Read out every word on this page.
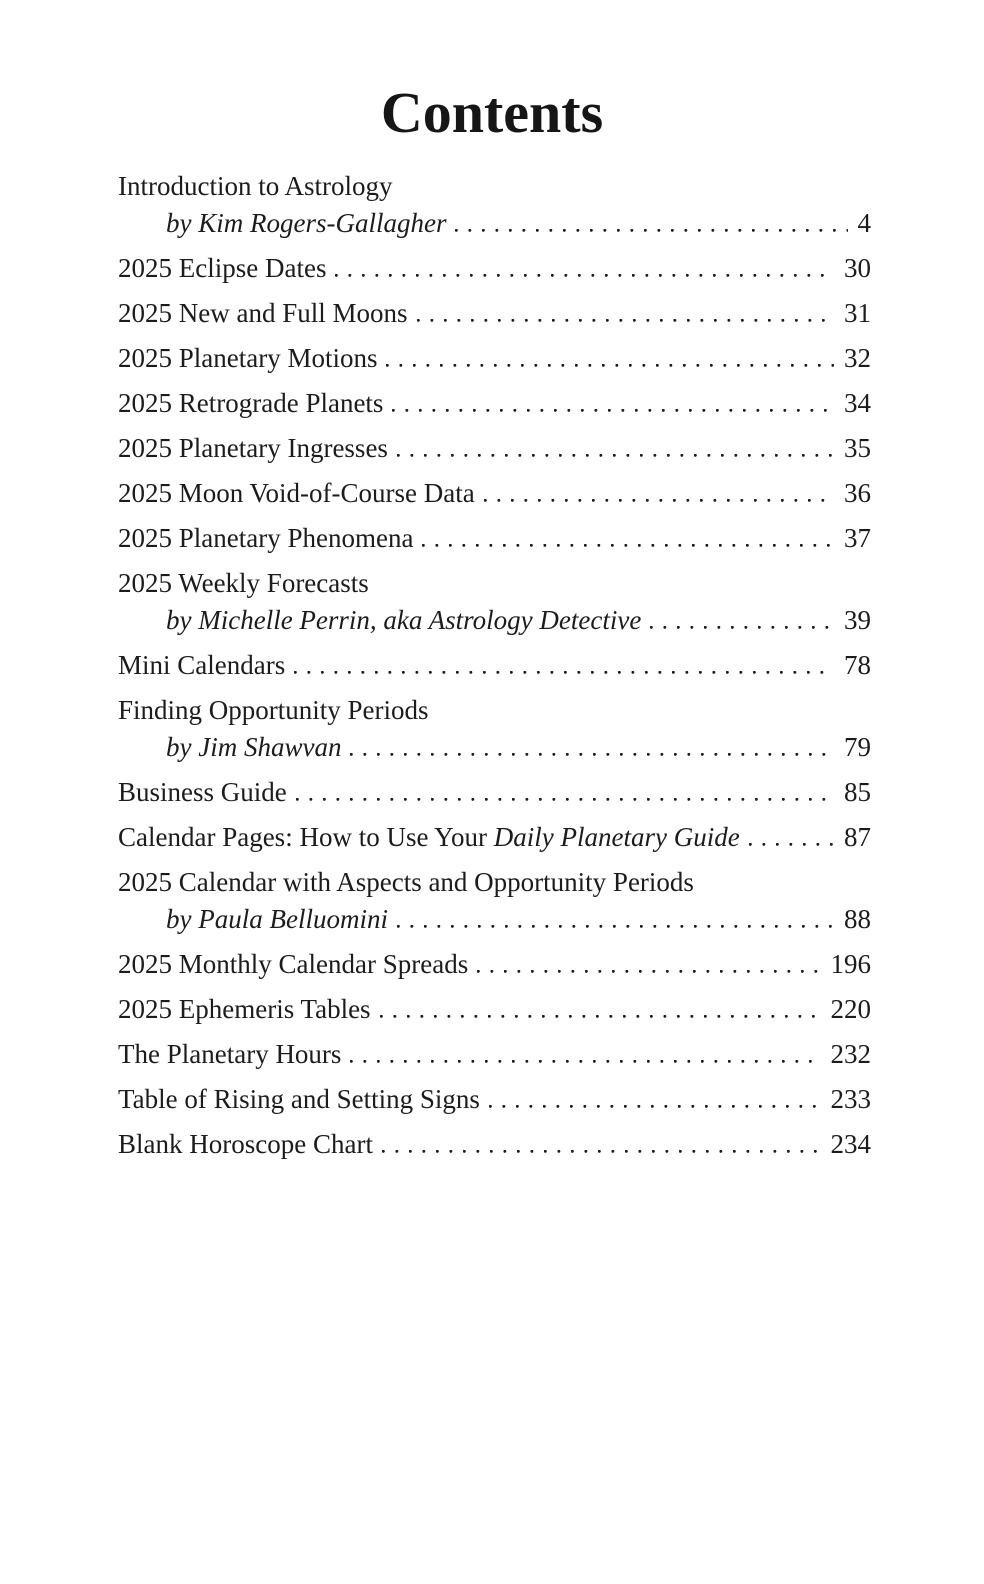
Contents
Introduction to Astrology
by Kim Rogers-Gallagher	4
2025 Eclipse Dates	30
2025 New and Full Moons	31
2025 Planetary Motions	32
2025 Retrograde Planets	34
2025 Planetary Ingresses	35
2025 Moon Void-of-Course Data	36
2025 Planetary Phenomena	37
2025 Weekly Forecasts
by Michelle Perrin, aka Astrology Detective	39
Mini Calendars	78
Finding Opportunity Periods
by Jim Shawvan	79
Business Guide	85
Calendar Pages: How to Use Your Daily Planetary Guide	87
2025 Calendar with Aspects and Opportunity Periods
by Paula Belluomini	88
2025 Monthly Calendar Spreads	196
2025 Ephemeris Tables	220
The Planetary Hours	232
Table of Rising and Setting Signs	233
Blank Horoscope Chart	234
